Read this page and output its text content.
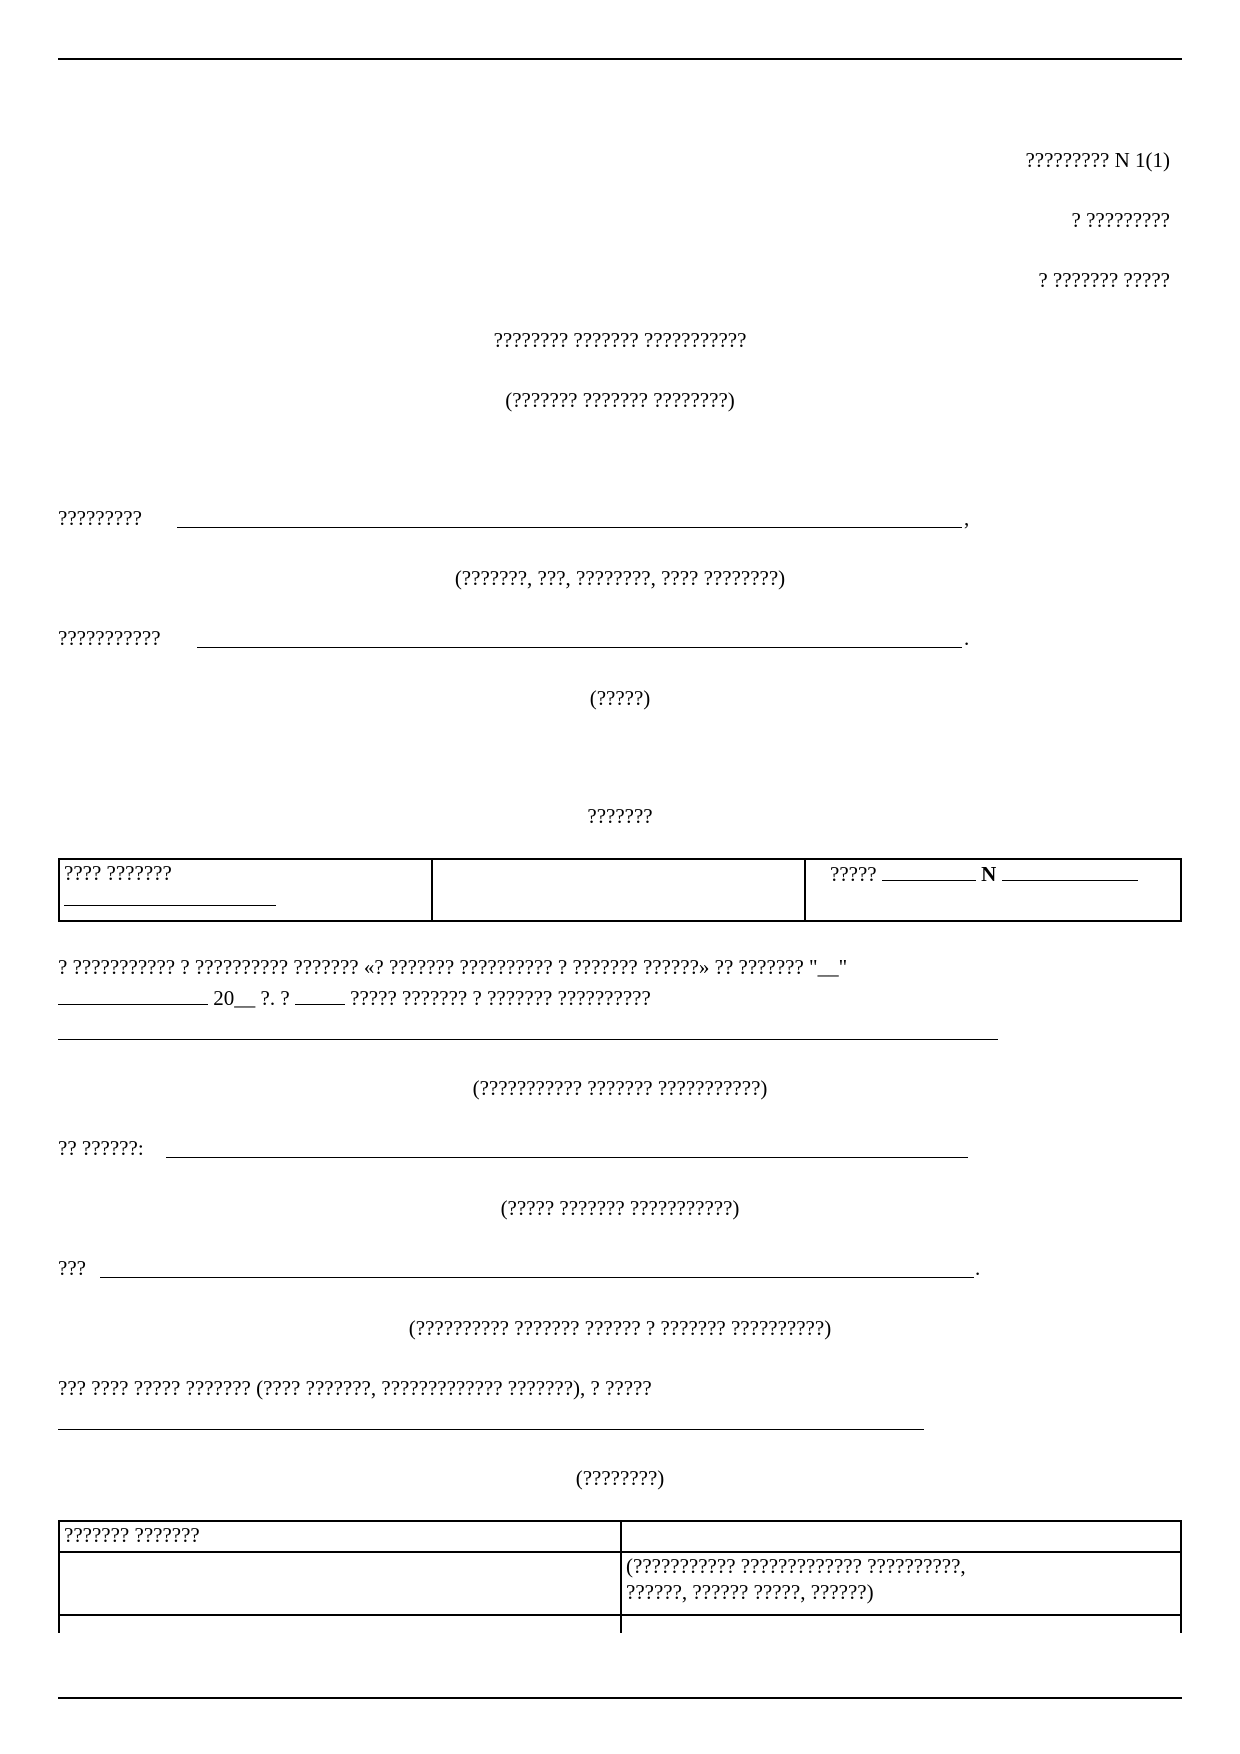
????????? N 1(1)
? ?????????
? ??????? ?????
???????? ??????? ???????????
(??????? ??????? ????????)
?????????	,
(???????, ???, ????????, ???? ????????)
???????????	.
(?????)
???????
???? ???????		?????	N
? ??????????? ? ?????????? ??????? «? ??????? ?????????? ? ??????? ??????» ?? ??????? "__"
20__ ?. ?	????? ??????? ? ??????? ??????????
(??????????? ??????? ???????????)
?? ??????:
(????? ??????? ???????????)
???	.
(?????????? ??????? ?????? ? ??????? ??????????)
??? ???? ????? ??????? (???? ???????, ????????????? ???????), ? ?????
(????????)
??????? ???????	
	(??????????? ????????????? ??????????,
??????, ?????? ?????, ??????)
